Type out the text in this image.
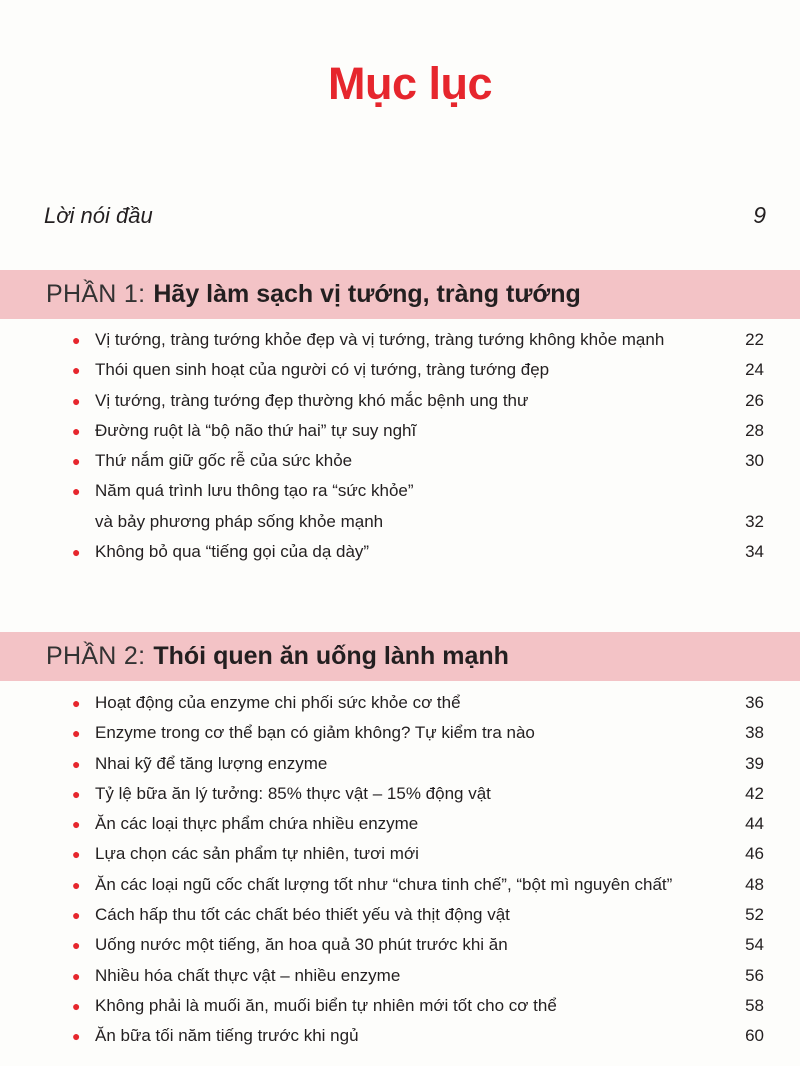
Mục lục
Lời nói đầu	9
PHẦN 1: Hãy làm sạch vị tướng, tràng tướng
● Vị tướng, tràng tướng khỏe đẹp và vị tướng, tràng tướng không khỏe mạnh	22
● Thói quen sinh hoạt của người có vị tướng, tràng tướng đẹp	24
● Vị tướng, tràng tướng đẹp thường khó mắc bệnh ung thư	26
● Đường ruột là “bộ não thứ hai” tự suy nghĩ	28
● Thứ nắm giữ gốc rễ của sức khỏe	30
● Năm quá trình lưu thông tạo ra “sức khỏe”
và bảy phương pháp sống khỏe mạnh	32
● Không bỏ qua “tiếng gọi của dạ dày”	34
PHẦN 2: Thói quen ăn uống lành mạnh
● Hoạt động của enzyme chi phối sức khỏe cơ thể	36
● Enzyme trong cơ thể bạn có giảm không? Tự kiểm tra nào	38
● Nhai kỹ để tăng lượng enzyme	39
● Tỷ lệ bữa ăn lý tưởng: 85% thực vật – 15% động vật	42
● Ăn các loại thực phẩm chứa nhiều enzyme	44
● Lựa chọn các sản phẩm tự nhiên, tươi mới	46
● Ăn các loại ngũ cốc chất lượng tốt như “chưa tinh chế”, “bột mì nguyên chất”	48
● Cách hấp thu tốt các chất béo thiết yếu và thịt động vật	52
● Uống nước một tiếng, ăn hoa quả 30 phút trước khi ăn	54
● Nhiều hóa chất thực vật – nhiều enzyme	56
● Không phải là muối ăn, muối biển tự nhiên mới tốt cho cơ thể	58
● Ăn bữa tối năm tiếng trước khi ngủ	60
